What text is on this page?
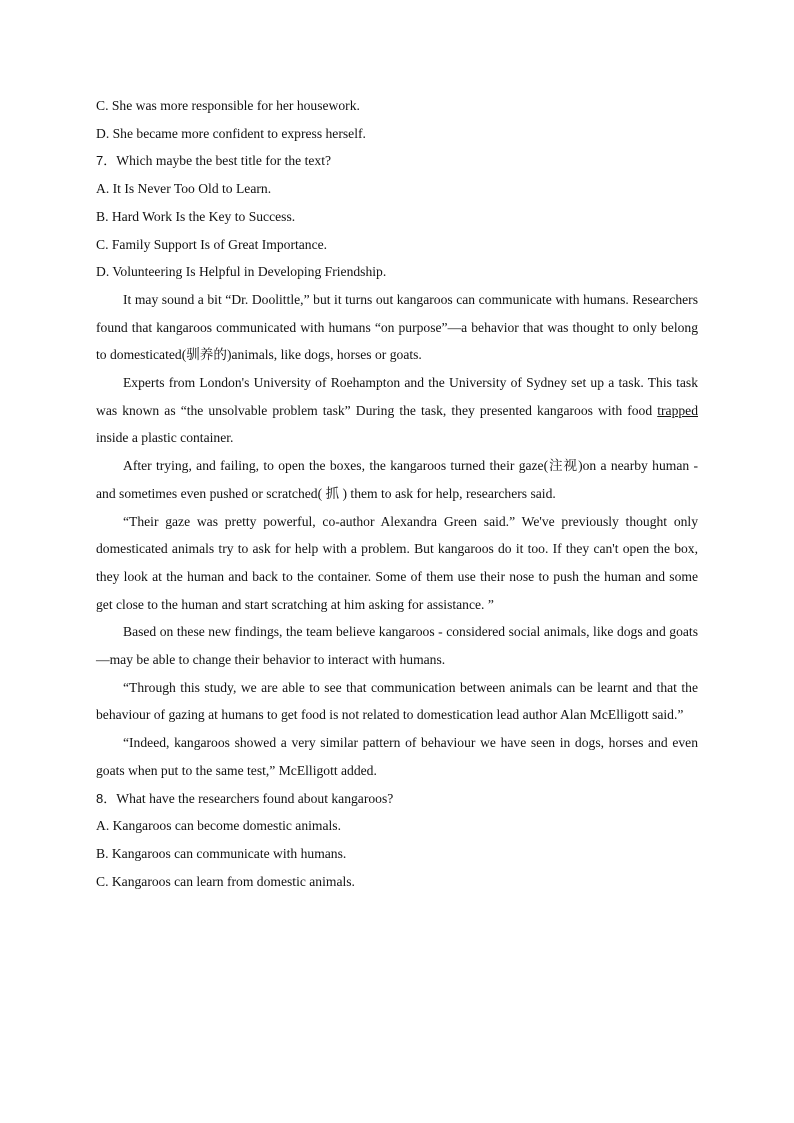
C. She was more responsible for her housework.

D. She became more confident to express herself.

7．Which maybe the best title for the text?

A. It Is Never Too Old to Learn.

B. Hard Work Is the Key to Success.

C. Family Support Is of Great Importance.

D. Volunteering Is Helpful in Developing Friendship.

It may sound a bit “Dr. Doolittle,” but it turns out kangaroos can communicate with humans. Researchers found that kangaroos communicated with humans “on purpose”—a behavior that was thought to only belong to domesticated(驯养的)animals, like dogs, horses or goats.

Experts from London's University of Roehampton and the University of Sydney set up a task. This task was known as “the unsolvable problem task” During the task, they presented kangaroos with food trapped inside a plastic container.

After trying, and failing, to open the boxes, the kangaroos turned their gaze(注视)on a nearby human - and sometimes even pushed or scratched( 抓 ) them to ask for help, researchers said.

“Their gaze was pretty powerful, co-author Alexandra Green said.” We've previously thought only domesticated animals try to ask for help with a problem. But kangaroos do it too. If they can't open the box, they look at the human and back to the container. Some of them use their nose to push the human and some get close to the human and start scratching at him asking for assistance. ”

Based on these new findings, the team believe kangaroos - considered social animals, like dogs and goats—may be able to change their behavior to interact with humans.

“Through this study, we are able to see that communication between animals can be learnt and that the behaviour of gazing at humans to get food is not related to domestication lead author Alan McElligott said.”

“Indeed, kangaroos showed a very similar pattern of behaviour we have seen in dogs, horses and even goats when put to the same test,” McElligott added.

8．What have the researchers found about kangaroos?

A. Kangaroos can become domestic animals.

B. Kangaroos can communicate with humans.

C. Kangaroos can learn from domestic animals.
